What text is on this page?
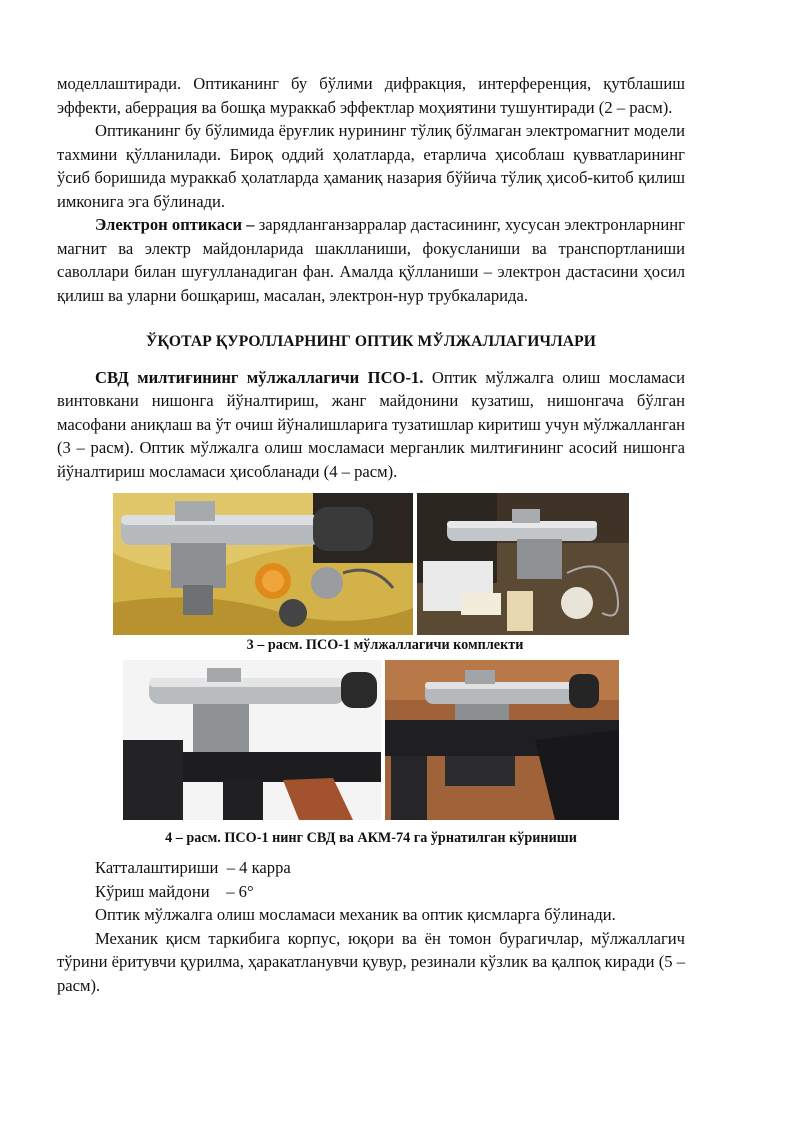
моделлаштиради. Оптиканинг бу бўлими дифракция, интерференция, қутблашиш эффекти, аберрация ва бошқа мураккаб эффектлар моҳиятини тушунтиради (2 – расм).

Оптиканинг бу бўлимида ёруғлик нурининг тўлиқ бўлмаган электромагнит модели тахмини қўлланилади. Бироқ оддий ҳолатларда, етарлича ҳисоблаш қувватларининг ўсиб боришида мураккаб ҳолатларда ҳаманиқ назария бўйича тўлиқ ҳисоб-китоб қилиш имконига эга бўлинади.

Электрон оптикаси – зарядланганзарралар дастасининг, хусусан электронларнинг магнит ва электр майдонларида шаклланиши, фокусланиши ва транспортланиши саволлари билан шуғулланадиган фан. Амалда қўлланиши – электрон дастасини ҳосил қилиш ва уларни бошқариш, масалан, электрон-нур трубкаларида.

ЎҚОТАР ҚУРОЛЛАРНИНГ ОПТИК МЎЛЖАЛЛАГИЧЛАРИ

СВД милтиғининг мўлжаллагичи ПСО-1. Оптик мўлжалга олиш мосламаси винтовкани нишонга йўналтириш, жанг майдонини кузатиш, нишонгача бўлган масофани аниқлаш ва ўт очиш йўналишларига тузатишлар киритиш учун мўлжалланган (3 – расм). Оптик мўлжалга олиш мосламаси мерганлик милтиғининг асосий нишонга йўналтириш мосламаси ҳисобланади (4 – расм).

3 – расм. ПСО-1 мўлжаллагичи комплекти
4 – расм. ПСО-1 нинг СВД ва АКМ-74 га ўрнатилган кўриниши
Катталаштириши – 4 карра
Кўриш майдони – 6°

Оптик мўлжалга олиш мосламаси механик ва оптик қисмларга бўлинади.

Механик қисм таркибига корпус, юқори ва ён томон бурагичлар, мўлжаллагич тўрини ёритувчи қурилма, ҳаракатланувчи қувур, резинали кўзлик ва қалпоқ киради (5 – расм).
